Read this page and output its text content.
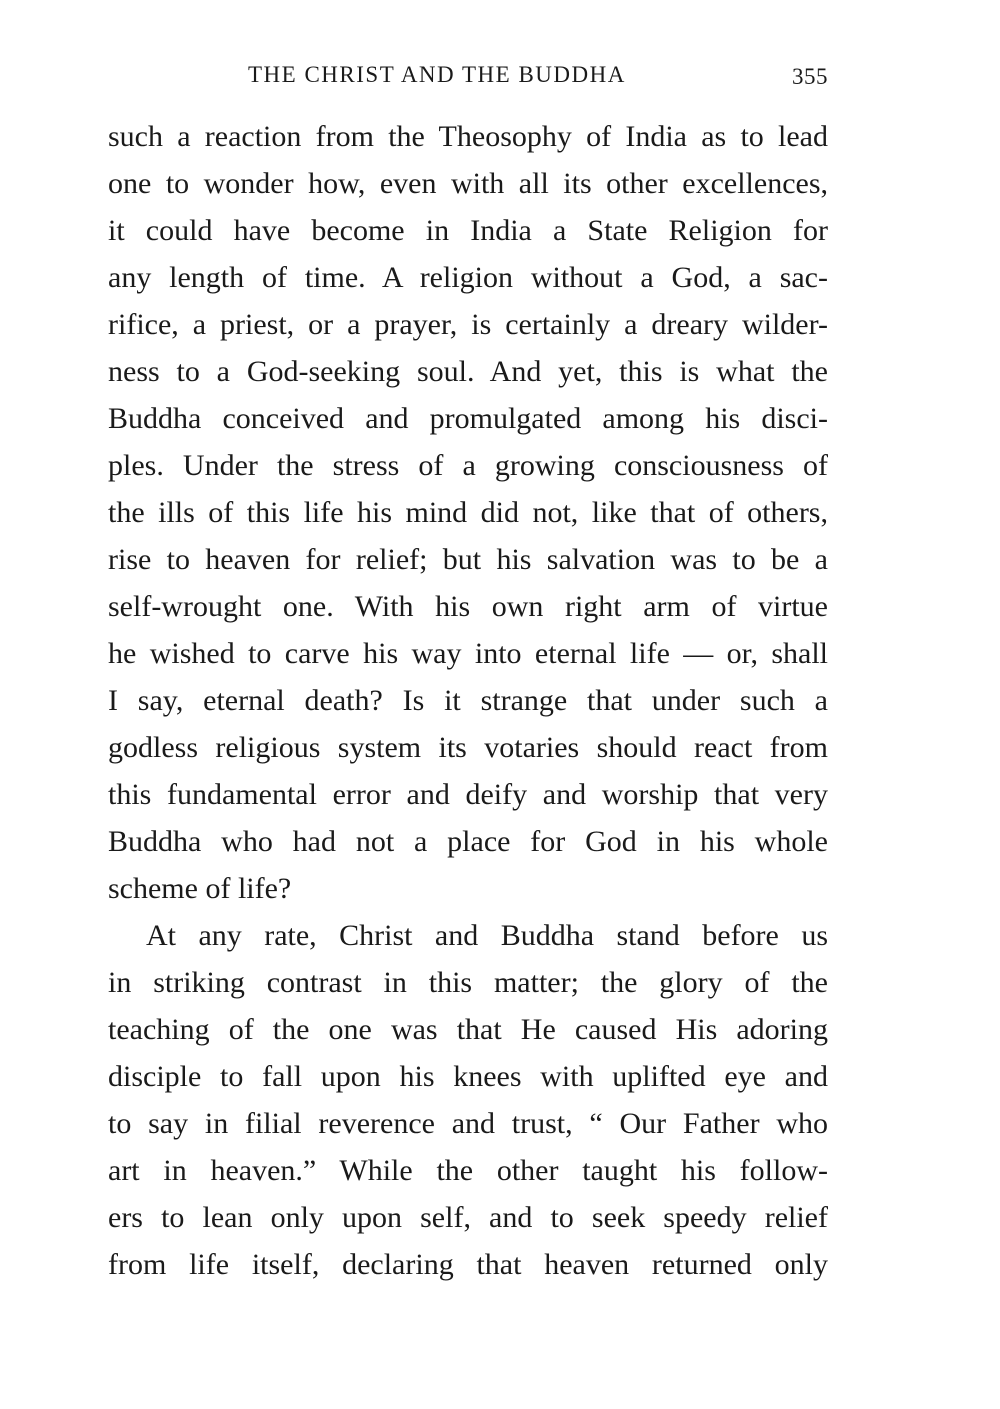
THE CHRIST AND THE BUDDHA	355
such a reaction from the Theosophy of India as to lead
one to wonder how, even with all its other excellences,
it could have become in India a State Religion for
any length of time. A religion without a God, a sac-
rifice, a priest, or a prayer, is certainly a dreary wilder-
ness to a God-seeking soul. And yet, this is what the
Buddha conceived and promulgated among his disci-
ples. Under the stress of a growing consciousness of
the ills of this life his mind did not, like that of others,
rise to heaven for relief; but his salvation was to be a
self-wrought one. With his own right arm of virtue
he wished to carve his way into eternal life — or, shall
I say, eternal death? Is it strange that under such a
godless religious system its votaries should react from
this fundamental error and deify and worship that very
Buddha who had not a place for God in his whole
scheme of life?
At any rate, Christ and Buddha stand before us
in striking contrast in this matter; the glory of the
teaching of the one was that He caused His adoring
disciple to fall upon his knees with uplifted eye and
to say in filial reverence and trust, “ Our Father who
art in heaven.” While the other taught his follow-
ers to lean only upon self, and to seek speedy relief
from life itself, declaring that heaven returned only
